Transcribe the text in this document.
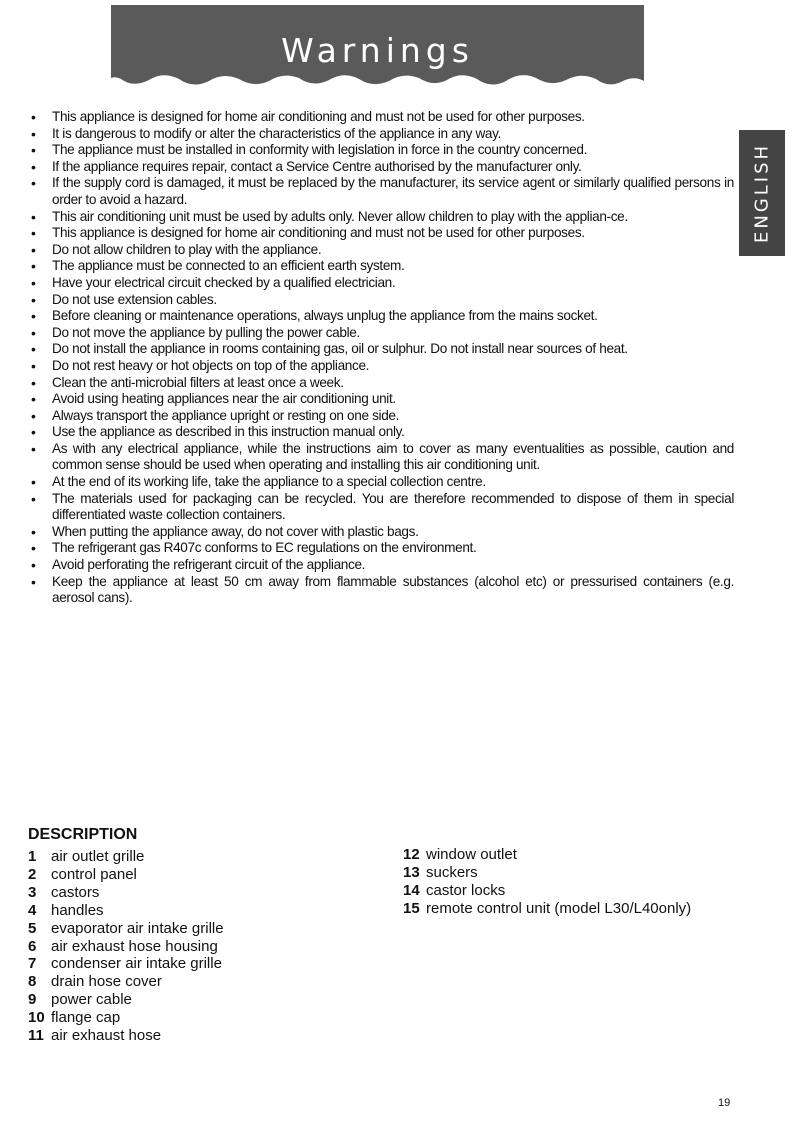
Warnings
ENGLISH
• This appliance is designed for home air conditioning and must not be used for other purposes.
• It is dangerous to modify or alter the characteristics of the appliance in any way.
• The appliance must be installed in conformity with legislation in force in the country concerned.
• If the appliance requires repair, contact a Service Centre authorised by the manufacturer only.
• If the supply cord is damaged, it must be replaced by the manufacturer, its service agent or similarly qualified persons in order to avoid a hazard.
• This air conditioning unit must be used by adults only. Never allow children to play with the applian-ce.
• This appliance is designed for home air conditioning and must not be used for other purposes.
• Do not allow children to play with the appliance.
• The appliance must be connected to an efficient earth system.
• Have your electrical circuit checked by a qualified electrician.
• Do not use extension cables.
• Before cleaning or maintenance operations, always unplug the appliance from the mains socket.
• Do not move the appliance by pulling the power cable.
• Do not install the appliance in rooms containing gas, oil or sulphur. Do not install near sources of heat.
• Do not rest heavy or hot objects on top of the appliance.
• Clean the anti-microbial filters at least once a week.
• Avoid using heating appliances near the air conditioning unit.
• Always transport the appliance upright or resting on one side.
• Use the appliance as described in this instruction manual only.
• As with any electrical appliance, while the instructions aim to cover as many eventualities as possible, caution and common sense should be used when operating and installing this air conditioning unit.
• At the end of its working life, take the appliance to a special collection centre.
• The materials used for packaging can be recycled. You are therefore recommended to dispose of them in special differentiated waste collection containers.
• When putting the appliance away, do not cover with plastic bags.
• The refrigerant gas R407c conforms to EC regulations on the environment.
• Avoid perforating the refrigerant circuit of the appliance.
• Keep the appliance at least 50 cm away from flammable substances (alcohol etc) or pressurised containers (e.g. aerosol cans).
DESCRIPTION
1 air outlet grille
2 control panel
3 castors
4 handles
5 evaporator air intake grille
6 air exhaust hose housing
7 condenser air intake grille
8 drain hose cover
9 power cable
10 flange cap
11 air exhaust hose
12 window outlet
13 suckers
14 castor locks
15 remote control unit (model L30/L40only)
19
